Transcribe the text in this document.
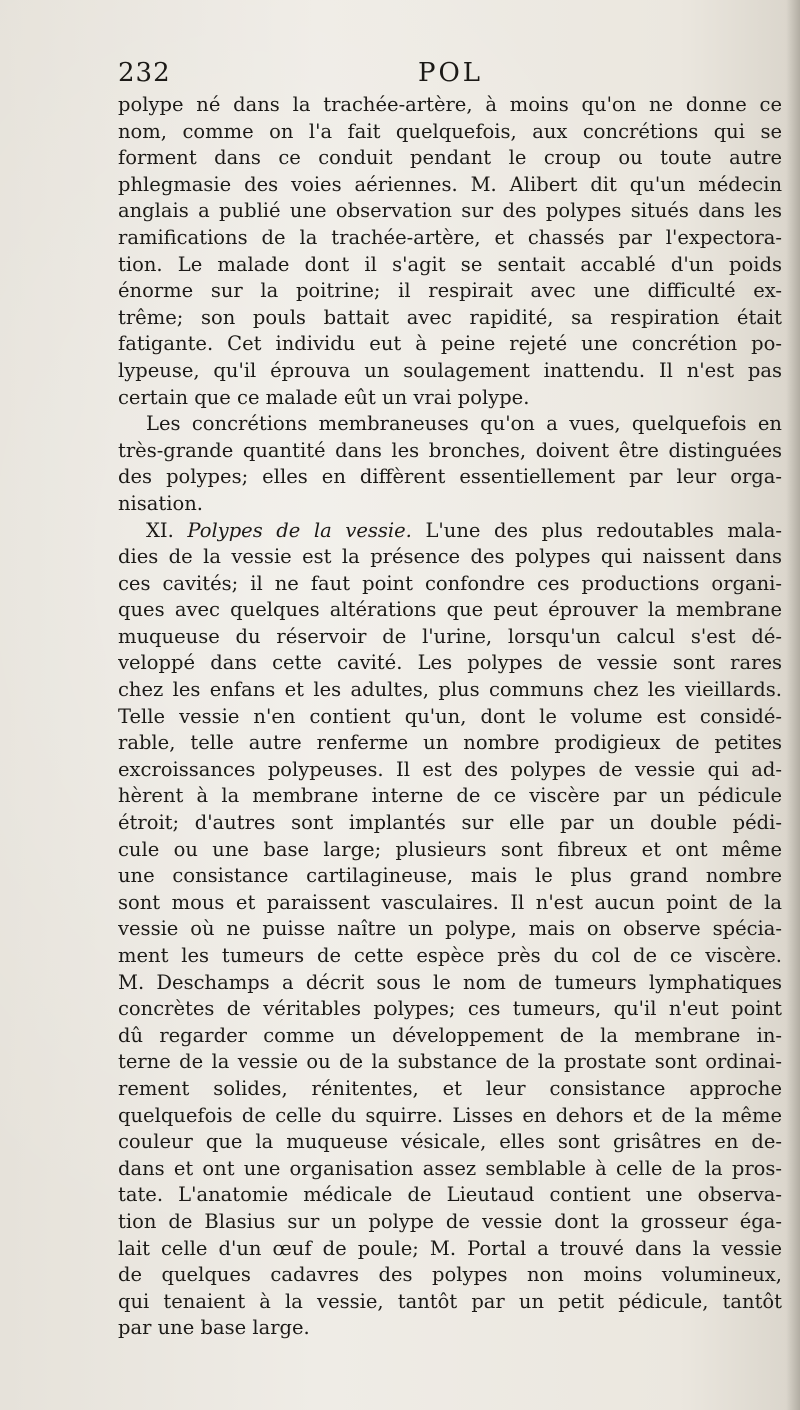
232	POL
polype né dans la trachée-artère, à moins qu'on ne donne ce
nom, comme on l'a fait quelquefois, aux concrétions qui se
forment dans ce conduit pendant le croup ou toute autre
phlegmasie des voies aériennes. M. Alibert dit qu'un médecin
anglais a publié une observation sur des polypes situés dans les
ramifications de la trachée-artère, et chassés par l'expectora-
tion. Le malade dont il s'agit se sentait accablé d'un poids
énorme sur la poitrine; il respirait avec une difficulté ex-
trême; son pouls battait avec rapidité, sa respiration était
fatigante. Cet individu eut à peine rejeté une concrétion po-
lypeuse, qu'il éprouva un soulagement inattendu. Il n'est pas
certain que ce malade eût un vrai polype.
Les concrétions membraneuses qu'on a vues, quelquefois en
très-grande quantité dans les bronches, doivent être distinguées
des polypes; elles en diffèrent essentiellement par leur orga-
nisation.
XI. Polypes de la vessie. L'une des plus redoutables mala-
dies de la vessie est la présence des polypes qui naissent dans
ces cavités; il ne faut point confondre ces productions organi-
ques avec quelques altérations que peut éprouver la membrane
muqueuse du réservoir de l'urine, lorsqu'un calcul s'est dé-
veloppé dans cette cavité. Les polypes de vessie sont rares
chez les enfans et les adultes, plus communs chez les vieillards.
Telle vessie n'en contient qu'un, dont le volume est considé-
rable, telle autre renferme un nombre prodigieux de petites
excroissances polypeuses. Il est des polypes de vessie qui ad-
hèrent à la membrane interne de ce viscère par un pédicule
étroit; d'autres sont implantés sur elle par un double pédi-
cule ou une base large; plusieurs sont fibreux et ont même
une consistance cartilagineuse, mais le plus grand nombre
sont mous et paraissent vasculaires. Il n'est aucun point de la
vessie où ne puisse naître un polype, mais on observe spécia-
ment les tumeurs de cette espèce près du col de ce viscère.
M. Deschamps a décrit sous le nom de tumeurs lymphatiques
concrètes de véritables polypes; ces tumeurs, qu'il n'eut point
dû regarder comme un développement de la membrane in-
terne de la vessie ou de la substance de la prostate sont ordinai-
rement solides, rénitentes, et leur consistance approche
quelquefois de celle du squirre. Lisses en dehors et de la même
couleur que la muqueuse vésicale, elles sont grisâtres en de-
dans et ont une organisation assez semblable à celle de la pros-
tate. L'anatomie médicale de Lieutaud contient une observa-
tion de Blasius sur un polype de vessie dont la grosseur éga-
lait celle d'un œuf de poule; M. Portal a trouvé dans la vessie
de quelques cadavres des polypes non moins volumineux,
qui tenaient à la vessie, tantôt par un petit pédicule, tantôt
par une base large.
